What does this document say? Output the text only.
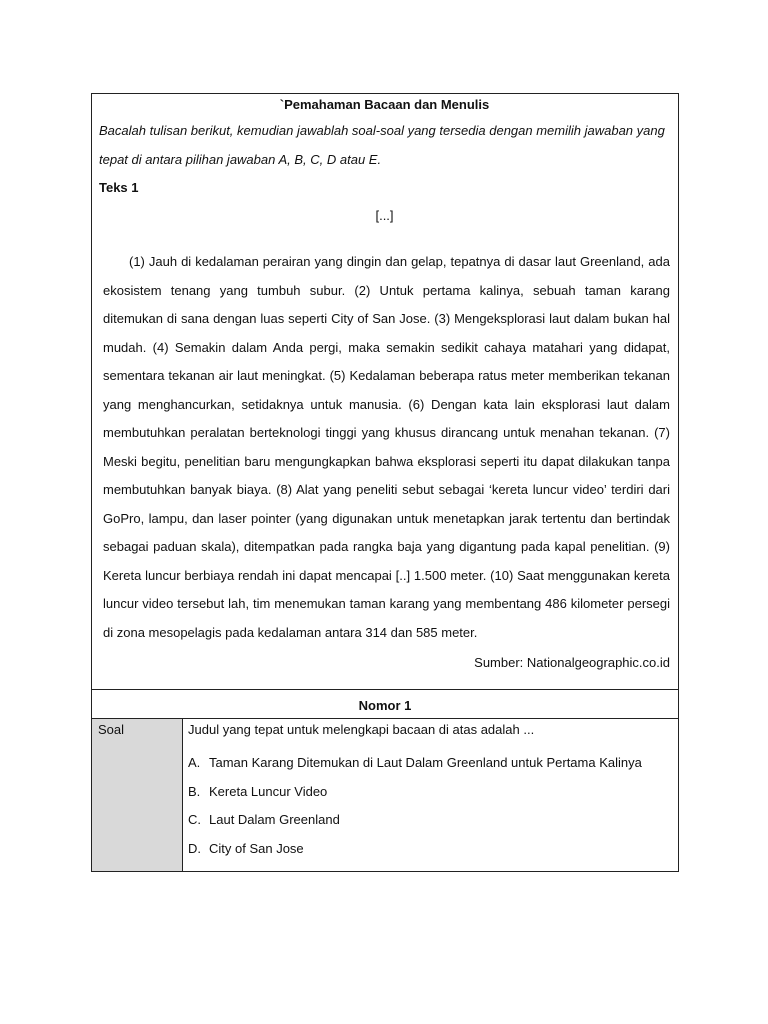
`Pemahaman Bacaan dan Menulis
Bacalah tulisan berikut, kemudian jawablah soal-soal yang tersedia dengan memilih jawaban yang tepat di antara pilihan jawaban A, B, C, D atau E.
Teks 1
[...]
(1) Jauh di kedalaman perairan yang dingin dan gelap, tepatnya di dasar laut Greenland, ada ekosistem tenang yang tumbuh subur. (2) Untuk pertama kalinya, sebuah taman karang ditemukan di sana dengan luas seperti City of San Jose. (3) Mengeksplorasi laut dalam bukan hal mudah. (4) Semakin dalam Anda pergi, maka semakin sedikit cahaya matahari yang didapat, sementara tekanan air laut meningkat. (5) Kedalaman beberapa ratus meter memberikan tekanan yang menghancurkan, setidaknya untuk manusia. (6) Dengan kata lain eksplorasi laut dalam membutuhkan peralatan berteknologi tinggi yang khusus dirancang untuk menahan tekanan. (7) Meski begitu, penelitian baru mengungkapkan bahwa eksplorasi seperti itu dapat dilakukan tanpa membutuhkan banyak biaya. (8) Alat yang peneliti sebut sebagai ‘kereta luncur video’ terdiri dari GoPro, lampu, dan laser pointer (yang digunakan untuk menetapkan jarak tertentu dan bertindak sebagai paduan skala), ditempatkan pada rangka baja yang digantung pada kapal penelitian. (9) Kereta luncur berbiaya rendah ini dapat mencapai [..] 1.500 meter. (10) Saat menggunakan kereta luncur video tersebut lah, tim menemukan taman karang yang membentang 486 kilometer persegi di zona mesopelagis pada kedalaman antara 314 dan 585 meter.
Sumber: Nationalgeographic.co.id
Nomor 1
Soal	Judul yang tepat untuk melengkapi bacaan di atas adalah ...
A. Taman Karang Ditemukan di Laut Dalam Greenland untuk Pertama Kalinya
B. Kereta Luncur Video
C. Laut Dalam Greenland
D. City of San Jose
